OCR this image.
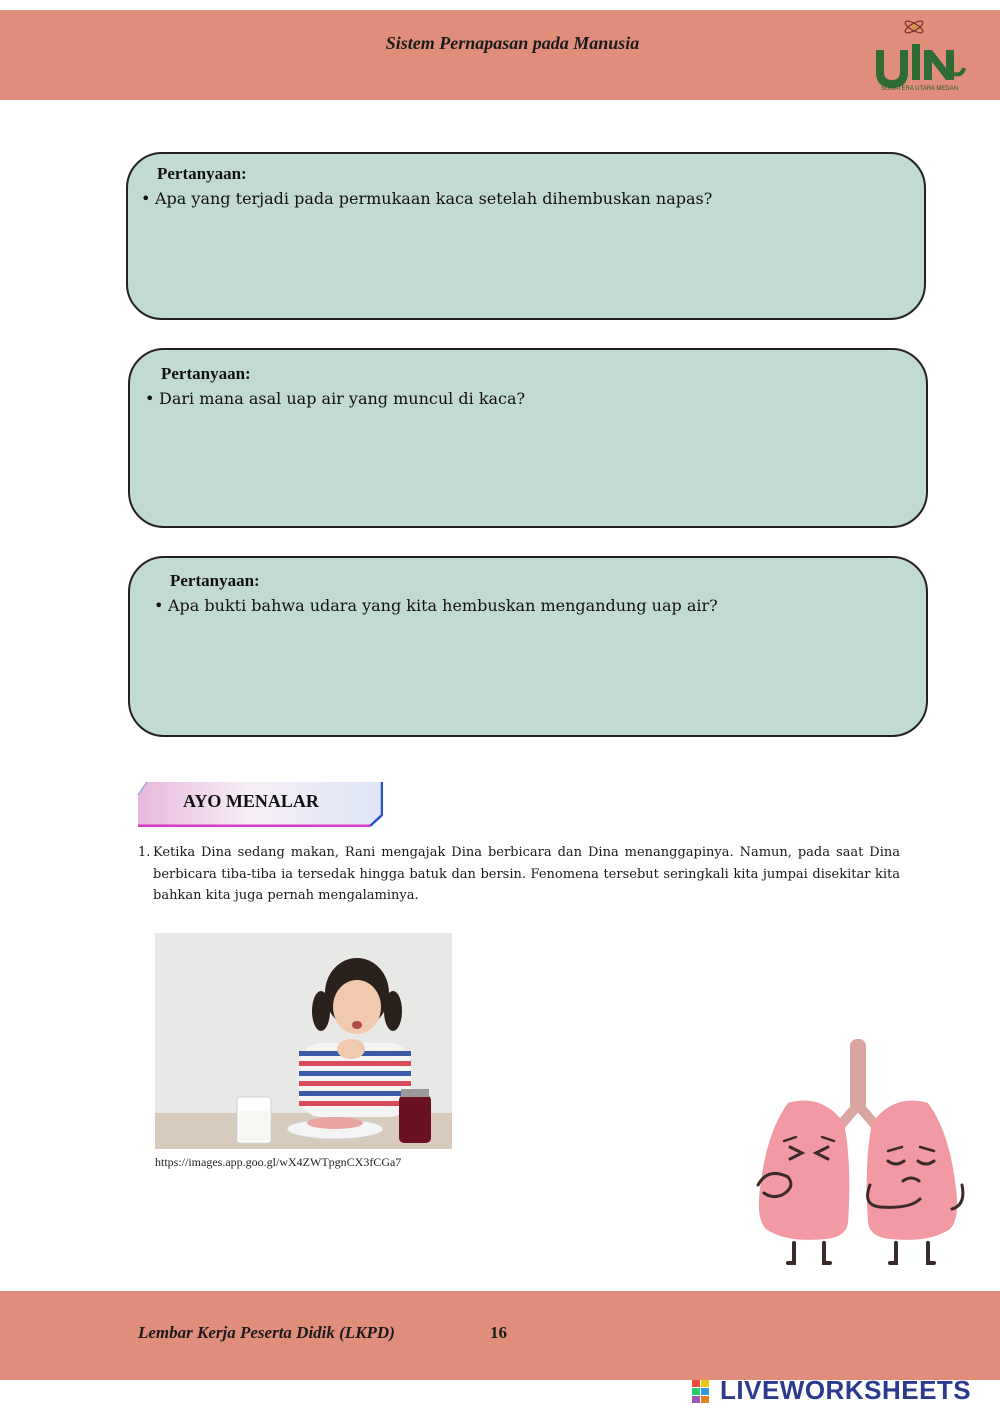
Sistem Pernapasan pada Manusia
SUMATERA UTARA MEDAN
Pertanyaan:
• Apa yang terjadi pada permukaan kaca setelah dihembuskan napas?
Pertanyaan:
• Dari mana asal uap air yang muncul di kaca?
Pertanyaan:
• Apa bukti bahwa udara yang kita hembuskan mengandung uap air?
AYO MENALAR
1. Ketika Dina sedang makan, Rani mengajak Dina berbicara dan Dina menanggapinya. Namun, pada saat Dina berbicara tiba-tiba ia tersedak hingga batuk dan bersin. Fenomena tersebut seringkali kita jumpai disekitar kita bahkan kita juga pernah mengalaminya.
https://images.app.goo.gl/wX4ZWTpgnCX3fCGa7
Lembar Kerja Peserta Didik (LKPD)	16
LIVEWORKSHEETS
